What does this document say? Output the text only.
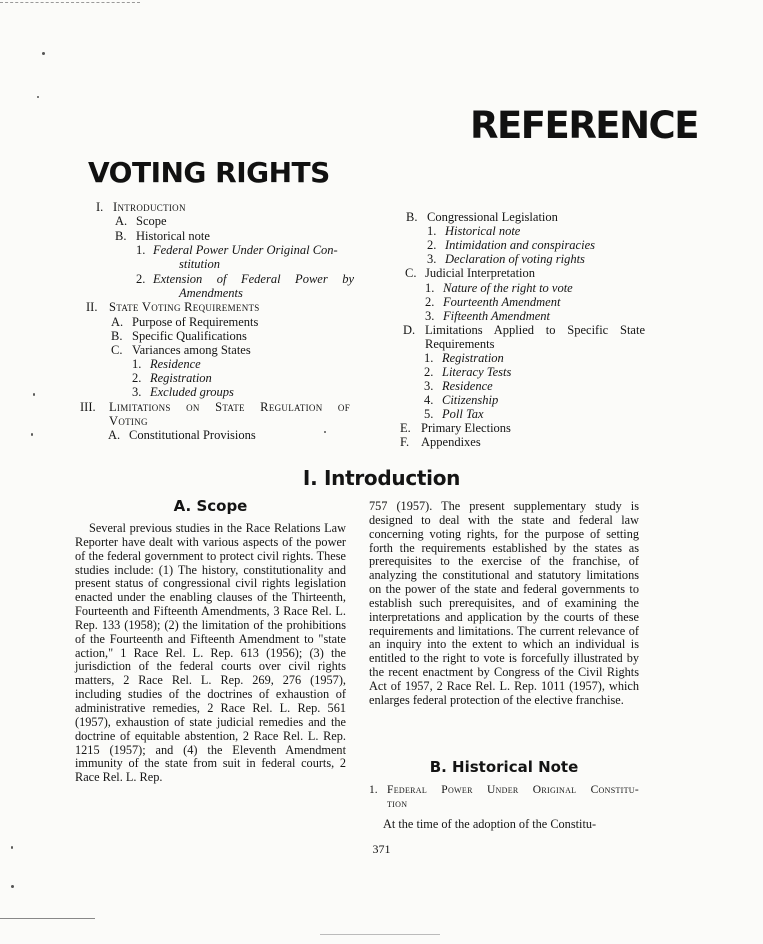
REFERENCE
VOTING RIGHTS
I. Introduction
A. Scope
B. Historical note
1. Federal Power Under Original Con-
stitution
2. Extension of Federal Power by
Amendments
II. State Voting Requirements
A. Purpose of Requirements
B. Specific Qualifications
C. Variances among States
1. Residence
2. Registration
3. Excluded groups
III. Limitations on State Regulation of
Voting
A. Constitutional Provisions
B. Congressional Legislation
1. Historical note
2. Intimidation and conspiracies
3. Declaration of voting rights
C. Judicial Interpretation
1. Nature of the right to vote
2. Fourteenth Amendment
3. Fifteenth Amendment
D. Limitations Applied to Specific State
Requirements
1. Registration
2. Literacy Tests
3. Residence
4. Citizenship
5. Poll Tax
E. Primary Elections
F. Appendixes
I. Introduction
A. Scope

Several previous studies in the Race Relations Law Reporter have dealt with various aspects of the power of the federal government to protect civil rights. These studies include: (1) The history, constitutionality and present status of congressional civil rights legislation enacted under the enabling clauses of the Thirteenth, Fourteenth and Fifteenth Amendments, 3 Race Rel. L. Rep. 133 (1958); (2) the limitation of the prohibitions of the Fourteenth and Fifteenth Amendment to "state action," 1 Race Rel. L. Rep. 613 (1956); (3) the jurisdiction of the federal courts over civil rights matters, 2 Race Rel. L. Rep. 269, 276 (1957), including studies of the doctrines of exhaustion of administrative remedies, 2 Race Rel. L. Rep. 561 (1957), exhaustion of state judicial remedies and the doctrine of equitable abstention, 2 Race Rel. L. Rep. 1215 (1957); and (4) the Eleventh Amendment immunity of the state from suit in federal courts, 2 Race Rel. L. Rep.

757 (1957). The present supplementary study is designed to deal with the state and federal law concerning voting rights, for the purpose of setting forth the requirements established by the states as prerequisites to the exercise of the franchise, of analyzing the constitutional and statutory limitations on the power of the state and federal governments to establish such prerequisites, and of examining the interpretations and application by the courts of these requirements and limitations. The current relevance of an inquiry into the extent to which an individual is entitled to the right to vote is forcefully illustrated by the recent enactment by Congress of the Civil Rights Act of 1957, 2 Race Rel. L. Rep. 1011 (1957), which enlarges federal protection of the elective franchise.

B. Historical Note
1. Federal Power Under Original Constitu-
tion

At the time of the adoption of the Constitu-

371
